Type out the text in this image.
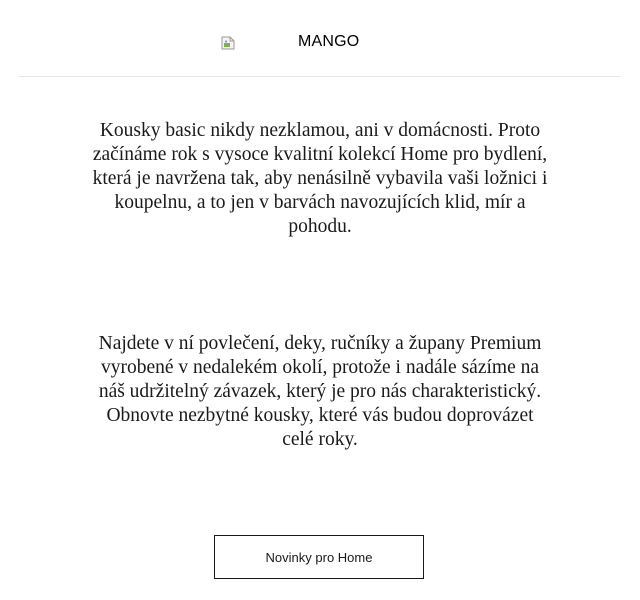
MANGO

Kousky basic nikdy nezklamou, ani v domácnosti. Proto začínáme rok s vysoce kvalitní kolekcí Home pro bydlení, která je navržena tak, aby nenásilně vybavila vaši ložnici i koupelnu, a to jen v barvách navozujících klid, mír a pohodu.

Najdete v ní povlečení, deky, ručníky a župany Premium vyrobené v nedalekém okolí, protože i nadále sázíme na náš udržitelný závazek, který je pro nás charakteristický. Obnovte nezbytné kousky, které vás budou doprovázet celé roky.

Novinky pro Home
